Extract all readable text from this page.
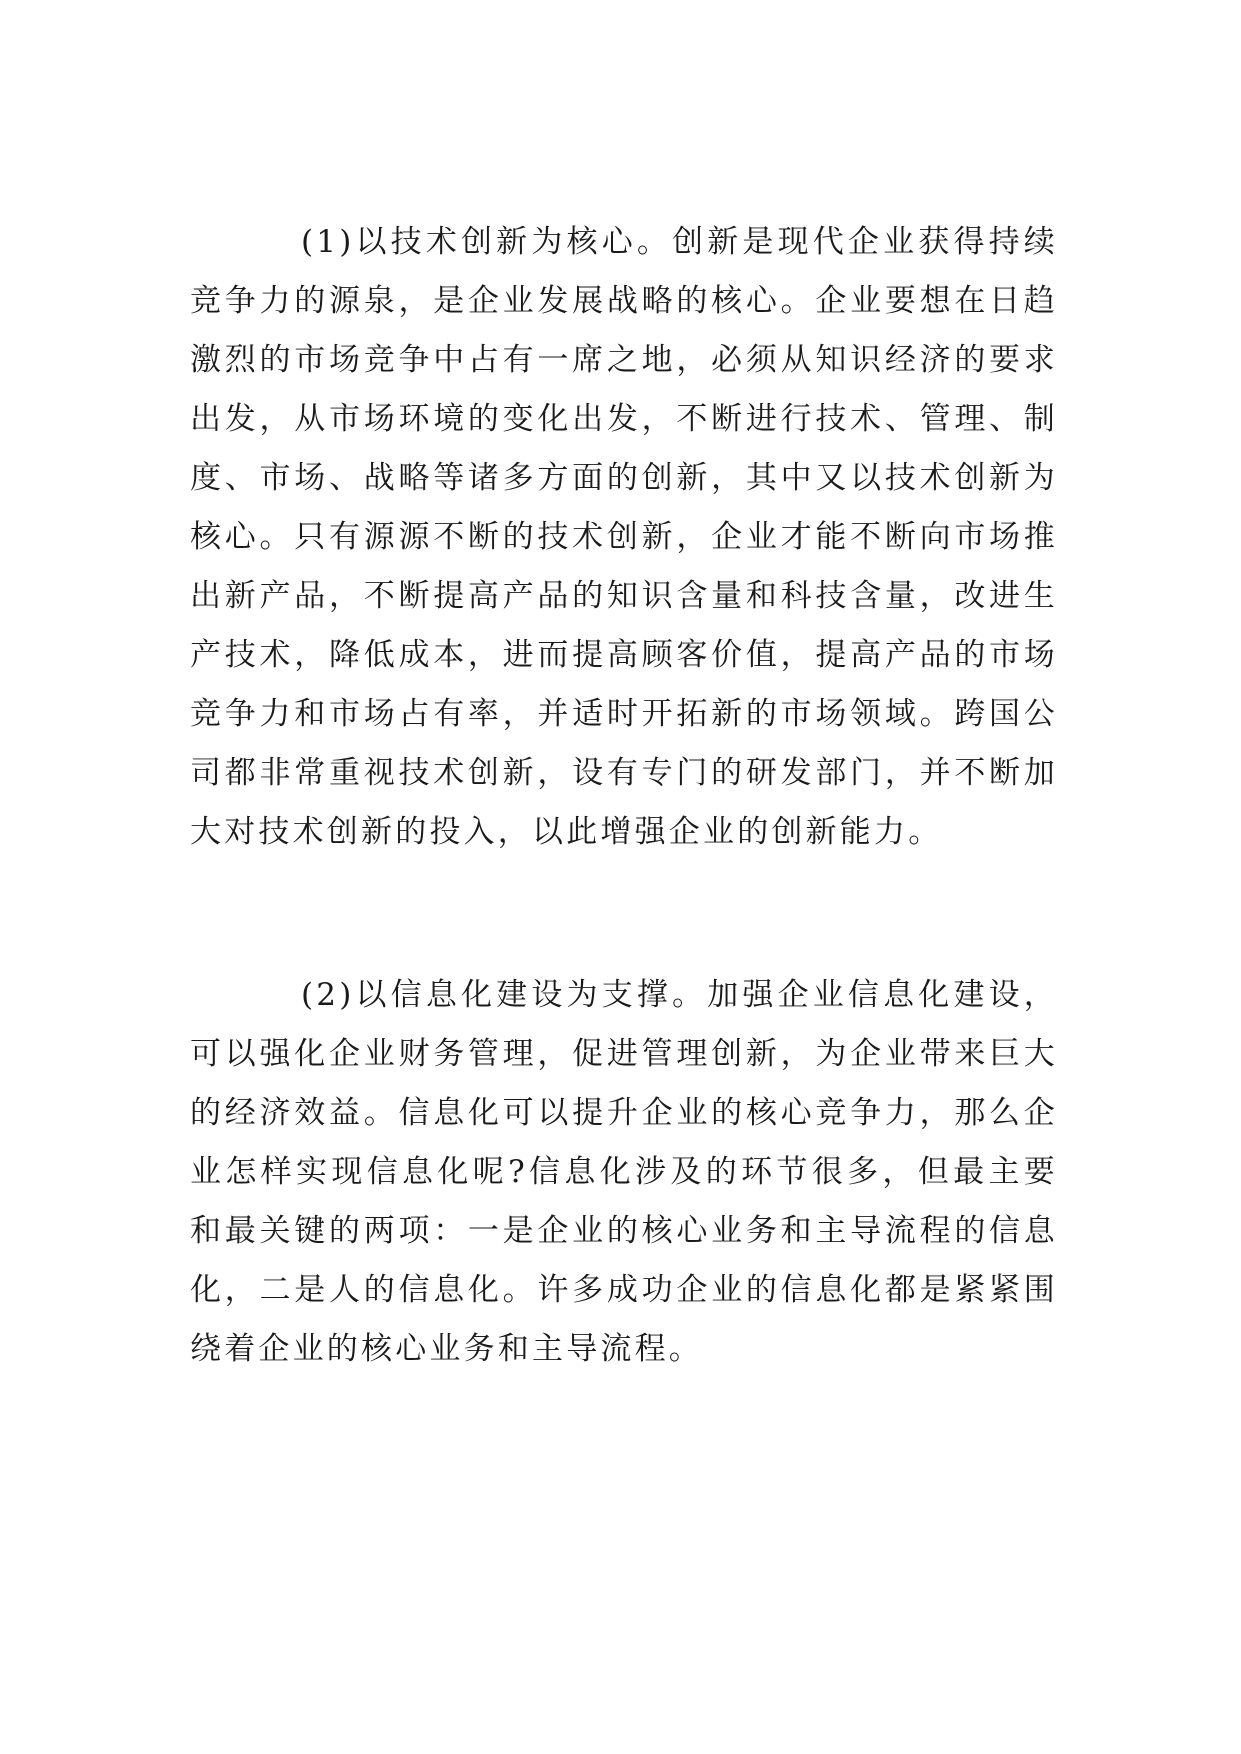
(1)以技术创新为核心。创新是现代企业获得持续竞争力的源泉，是企业发展战略的核心。企业要想在日趋激烈的市场竞争中占有一席之地，必须从知识经济的要求出发，从市场环境的变化出发，不断进行技术、管理、制度、市场、战略等诸多方面的创新，其中又以技术创新为核心。只有源源不断的技术创新，企业才能不断向市场推出新产品，不断提高产品的知识含量和科技含量，改进生产技术，降低成本，进而提高顾客价值，提高产品的市场竞争力和市场占有率，并适时开拓新的市场领域。跨国公司都非常重视技术创新，设有专门的研发部门，并不断加大对技术创新的投入，以此增强企业的创新能力。

(2)以信息化建设为支撑。加强企业信息化建设，可以强化企业财务管理，促进管理创新，为企业带来巨大的经济效益。信息化可以提升企业的核心竞争力，那么企业怎样实现信息化呢?信息化涉及的环节很多，但最主要和最关键的两项：一是企业的核心业务和主导流程的信息化，二是人的信息化。许多成功企业的信息化都是紧紧围绕着企业的核心业务和主导流程。
